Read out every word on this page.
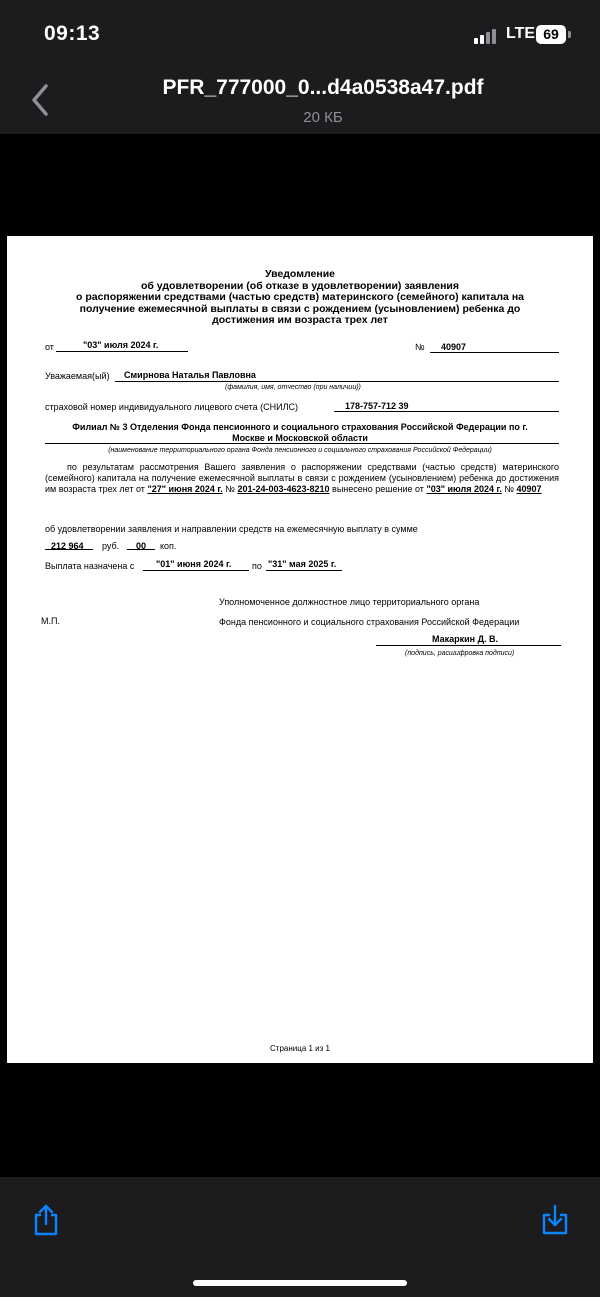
09:13	LTE 69
PFR_777000_0...d4a0538a47.pdf
20 КБ
Уведомление
об удовлетворении (об отказе в удовлетворении) заявления
о распоряжении средствами (частью средств) материнского (семейного) капитала на
получение ежемесячной выплаты в связи с рождением (усыновлением) ребенка до
достижения им возраста трех лет
от	"03" июля 2024 г.	№ 40907
Уважаемая(ый) Смирнова Наталья Павловна
(фамилия, имя, отчество (при наличии))
страховой номер индивидуального лицевого счета (СНИЛС)	178-757-712 39
Филиал № 3 Отделения Фонда пенсионного и социального страхования Российской Федерации по г.
Москве и Московской области
(наименование территориального органа Фонда пенсионного и социального страхования Российской Федерации)
по результатам рассмотрения Вашего заявления о распоряжении средствами (частью средств) материнского (семейного) капитала на получение ежемесячной выплаты в связи с рождением (усыновлением) ребенка до достижения им возраста трех лет от "27" июня 2024 г. № 201-24-003-4623-8210 вынесено решение от "03" июля 2024 г. № 40907
об удовлетворении заявления и направлении средств на ежемесячную выплату в сумме
212 964 руб. 00 коп.
Выплата назначена с "01" июня 2024 г. по "31" мая 2025 г.
Уполномоченное должностное лицо территориального органа
М.П.	Фонда пенсионного и социального страхования Российской Федерации
Макаркин Д. В.
(подпись, расшифровка подписи)
Страница 1 из 1
